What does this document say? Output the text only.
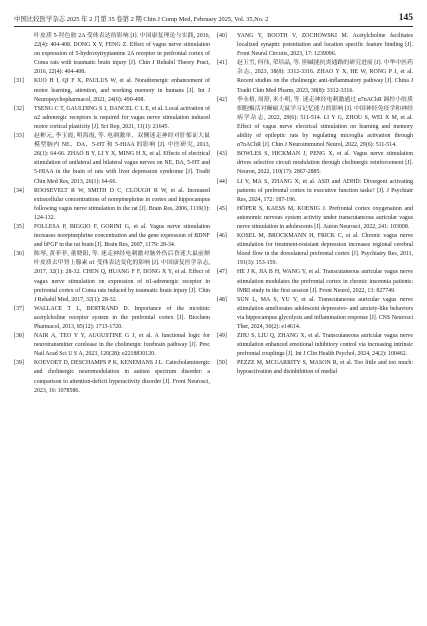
中国比较医学杂志 2025 年 2 月第 35 卷第 2 期 Chin J Comp Med, February 2025, Vol. 35,No. 2	145
叶皮质 5-羟色胺 2A 受体表达的影响 [J]. 中国康复理论与实践, 2016, 22(4): 404-408. DONG X Y, FENG Z. Effect of vagus nerve stimulation on expression of 5-hydroxytryptamine 2A receptor in prefrontal cortex of Coma rats with traumatic brain injury [J]. Chin J Rehabil Theory Pract, 2016, 22(4): 404-408.
[31]	KUO H I, QI F X, PAULUS W, et al. Noradrenergic enhancement of motor learning, attention, and working memory in humans [J]. Int J Neuropsychopharmacol, 2021, 24(6): 490-498.
[32]	TSENG C T, GAULDING S J, DANCEL C L E, et al. Local activation of α2 adrenergic receptors is required for vagus nerve stimulation induced motor cortical plasticity [J]. Sci Rep, 2021, 11(1): 21645.
[33]	赵彬元, 李玉霞, 明海霞, 等. 电刺激单、双侧迷走神经对肝郁证大鼠模型脑内 NE、DA、5-HT 和 5-HIAA 的影响 [J]. 中医研究, 2013, 26(1): 64-66. ZHAO B Y, LI Y X, MING H X, et al. Effects of electrical stimulation of unilateral and bilateral vagus nerves on NE, DA, 5-HT and 5-HIAA in the brain of rats with liver depression syndrome [J]. Tradit Chin Med Res, 2013, 26(1): 64-66.
[34]	ROOSEVELT R W, SMITH D C, CLOUGH R W, et al. Increased extracellular concentrations of norepinephrine in cortex and hippocampus following vagus nerve stimulation in the rat [J]. Brain Res, 2006, 1119(1): 124-132.
[35]	FOLLESA P, BIGGIO F, GORINI G, et al. Vagus nerve stimulation increases norepinephrine concentration and the gene expression of BDNF and bFGF in the rat brain [J]. Brain Res, 2007, 1179: 28-34.
[36]	陈琴, 黄菲菲, 董晓阳, 等. 迷走神经电刺激对脑外伤后昏迷大鼠前额叶皮质去甲肾上腺素 α1 受体表达变化的影响 [J]. 中国康复医学杂志, 2017, 32(1): 28-32. CHEN Q, HUANG F F, DONG X Y, et al. Effect of vagus nerve stimulation on expression of α1-adrenergic receptor in prefrontal cortex of Coma rats induced by traumatic brain injury [J]. Chin J Rehabil Med, 2017, 32(1): 28-32.
[37]	WALLACE T L, BERTRAND D. Importance of the nicotinic acetylcholine receptor system in the prefrontal cortex [J]. Biochem Pharmacol, 2013, 85(12): 1713-1720.
[38]	NAIR A, TEO Y Y, AUGUSTINE G J, et al. A functional logic for neurotransmitter corelease in the cholinergic forebrain pathway [J]. Proc Natl Acad Sci U S A, 2023, 120(28): e2218830120.
[39]	KOEVOET D, DESCHAMPS P K, KENEMANS J L. Catecholaminergic and cholinergic neuromodulation in autism spectrum disorder: a comparison to attention-deficit hyperactivity disorder [J]. Front Neurosci, 2023, 16: 1078586.
[40]	YANG Y, BOOTH V, ZOCHOWSKI M. Acetylcholine facilitates localized synaptic potentiation and location specific feature binding [J]. Front Neural Circuits, 2023, 17: 1239096.
[41]	赵玉雪, 何伟, 荣培晶, 等. 胆碱能抗炎通路的研究进展 [J]. 中华中医药杂志, 2023, 38(8): 3312-3316. ZHAO Y X, HE W, RONG P J, et al. Recent studies on the cholinergic anti-inflammatory pathway [J]. China J Tradit Chin Med Pharm, 2023, 38(8): 3312-3316.
[42]	李永格, 周舒, 米小明, 等. 迷走神经电刺激通过 α7nAChR 调控小胶质细胞极活对癫痫大鼠学习记忆能力的影响 [J]. 中国神经免疫学和神经病学杂志, 2022, 29(6): 511-514. LI Y G, ZHOU S, WEI X M, et al. Effect of vagus nerve electrical stimulation on learning and memory ability of epileptic rats by regulating microglia activation through α7nAChR [J]. Chin J Neuroimmunol Neurol, 2022, 29(6): 511-514.
[43]	BOWLES S, HICKMAN J, PENG X, et al. Vagus nerve stimulation drives selective circuit modulation through cholinergic reinforcement [J]. Neuron, 2022, 110(17): 2867-2885.
[44]	LI Y, MA S, ZHANG X, et al. ASD and ADHD: Divergent activating patterns of prefrontal cortex in executive function tasks? [J]. J Psychiatr Res, 2024, 172: 187-196.
[45]	HÖPER S, KAESS M, KOENIG J. Prefrontal cortex oxygenation and autonomic nervous system activity under transcutaneous auricular vagus nerve stimulation in adolescents [J]. Auton Neurosci, 2022, 241: 103008.
[46]	KOSEL M, BROCKMANN H, FRICK C, et al. Chronic vagus nerve stimulation for treatment-resistant depression increases regional cerebral blood flow in the dorsolateral prefrontal cortex [J]. Psychiatry Res, 2011, 191(3): 153-159.
[47]	HE J K, JIA B H, WANG Y, et al. Transcutaneous auricular vagus nerve stimulation modulates the prefrontal cortex in chronic insomnia patients: fMRI study in the first session [J]. Front Neurol, 2022, 13: 827749.
[48]	SUN L, MA S, YU Y, et al. Transcutaneous auricular vagus nerve stimulation ameliorates adolescent depressive- and anxiety-like behaviors via hippocampus glycolysis and inflammation response [J]. CNS Neurosci Ther, 2024, 30(2): e14614.
[49]	ZHU S, LIU Q, ZHANG X, et al. Transcutaneous auricular vagus nerve stimulation enhanced emotional inhibitory control via increasing intrinsic prefrontal couplings [J]. Int J Clin Health Psychol, 2024, 24(2): 100462.
[50]	PEZZE M, MCGARRITY S, MASON R, et al. Too little and too much: hypoactivation and disinhibition of medial
